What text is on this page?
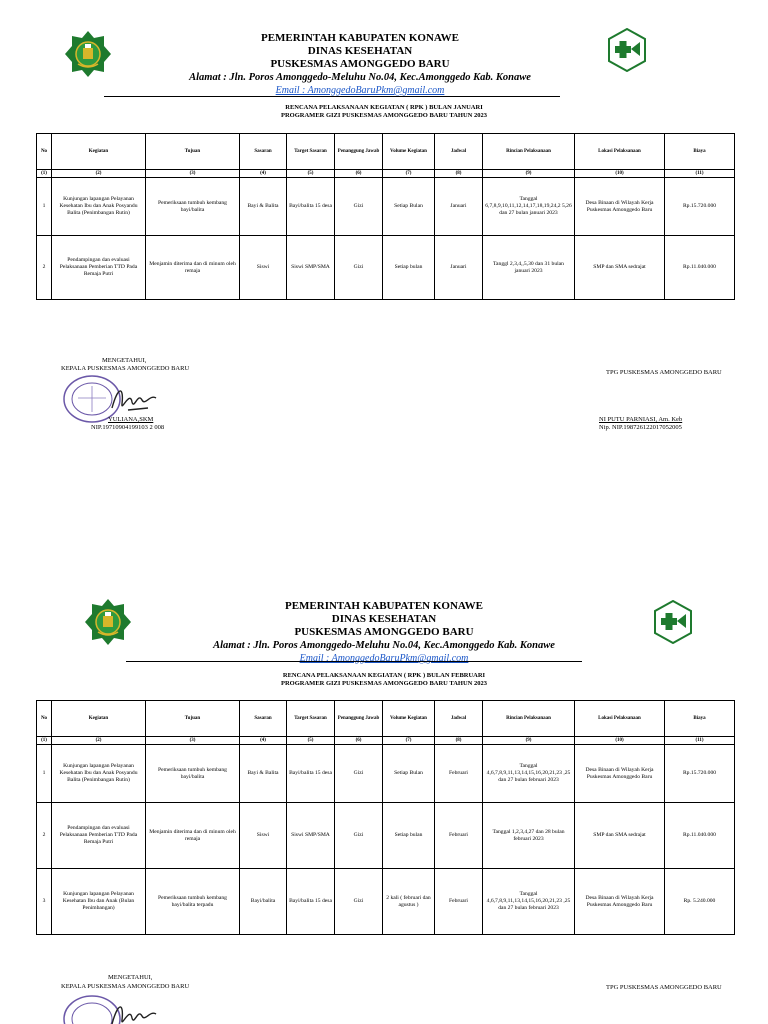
PEMERINTAH KABUPATEN KONAWE
DINAS KESEHATAN
PUSKESMAS AMONGGEDO BARU
Alamat : Jln. Poros Amonggedo-Meluhu No.04, Kec.Amonggedo Kab. Konawe
Email : AmonggedoBaruPkm@gmail.com
RENCANA PELAKSANAAN KEGIATAN ( RPK ) BULAN JANUARI
PROGRAMER GIZI PUSKESMAS AMONGGEDO BARU TAHUN 2023
No	Kegiatan	Tujuan	Sasaran	Target Sasaran	Penanggung Jawab	Volume Kegiatan	Jadwal	Rincian Pelaksanaan	Lokasi Pelaksanaan	Biaya
(1)	(2)	(3)	(4)	(5)	(6)	(7)	(8)	(9)	(10)	(11)
1	Kunjungan lapangan Pelayanan Kesehatan Ibu dan Anak Posyandu Balita (Penimbangan Rutin)	Pemeriksaan tumbuh kembang bayi/balita	Bayi & Balita	Bayi/balita 15 desa	Gizi	Setiap Bulan	Januari	Tanggal 6,7,8,9,10,11,12,14,17,18,19,24,2 5,26 dan 27 bulan januari 2023	Desa Binaan di Wilayah Kerja Puskesmas Amonggedo Baru	Rp.15.720.000
2	Pendampingan dan evaluasi Pelaksanaan Pemberian TTD Pada Remaja Putri	Menjamin diterima dan di minum oleh remaja	Siswi	Siswi SMP/SMA	Gizi	Setiap bulan	Januari	Tanggl 2,3,4,,5,30 dan 31 bulan januari 2023	SMP dan SMA sedrajat	Rp.11.040.000
MENGETAHUI,
KEPALA PUSKESMAS AMONGGEDO BARU
YULIANA,SKM
NIP.19710904199103 2 008
TPG PUSKESMAS AMONGGEDO BARU
NI PUTU PARNIASI, Am. Keb
Nip. NIP.198726122017052005
PEMERINTAH KABUPATEN KONAWE
DINAS KESEHATAN
PUSKESMAS AMONGGEDO BARU
Alamat : Jln. Poros Amonggedo-Meluhu No.04, Kec.Amonggedo Kab. Konawe
Email : AmonggedoBaruPkm@gmail.com
RENCANA PELAKSANAAN KEGIATAN ( RPK ) BULAN FEBRUARI
PROGRAMER GIZI PUSKESMAS AMONGGEDO BARU TAHUN 2023
No	Kegiatan	Tujuan	Sasaran	Target Sasaran	Penanggung Jawab	Volume Kegiatan	Jadwal	Rincian Pelaksanaan	Lokasi Pelaksanaan	Biaya
(1)	(2)	(3)	(4)	(5)	(6)	(7)	(8)	(9)	(10)	(11)
1	Kunjungan lapangan Pelayanan Kesehatan Ibu dan Anak Posyandu Balita (Penimbangan Rutin)	Pemeriksaan tumbuh kembang bayi/balita	Bayi & Balita	Bayi/balita 15 desa	Gizi	Setiap Bulan	Februari	Tanggal 4,6,7,8,9,11,13,14,15,16,20,21,23 ,25 dan 27 bulan februari 2023	Desa Binaan di Wilayah Kerja Puskesmas Amonggedo Baru	Rp.15.720.000
2	Pendampingan dan evaluasi Pelaksanaan Pemberian TTD Pada Remaja Putri	Menjamin diterima dan di minum oleh remaja	Siswi	Siswi SMP/SMA	Gizi	Setiap bulan	Februari	Tanggal 1,2,3,4,27 dan 28 bulan februari 2023	SMP dan SMA sedrajat	Rp.11.040.000
3	Kunjungan lapangan Pelayanan Kesehatan Ibu dan Anak (Bulan Penimbangan)	Pemeriksaan tumbuh kembang bayi/balita terpadu	Bayi/balita	Bayi/balita 15 desa	Gizi	2 kali ( februari dan agustus )	Februari	Tanggal 4,6,7,8,9,11,13,14,15,16,20,21,23 ,25 dan 27 bulan februari 2023	Desa Binaan di Wilayah Kerja Puskesmas Amonggedo Baru	Rp. 5.240.000
MENGETAHUI,
KEPALA PUSKESMAS AMONGGEDO BARU	TPG PUSKESMAS AMONGGEDO BARU
